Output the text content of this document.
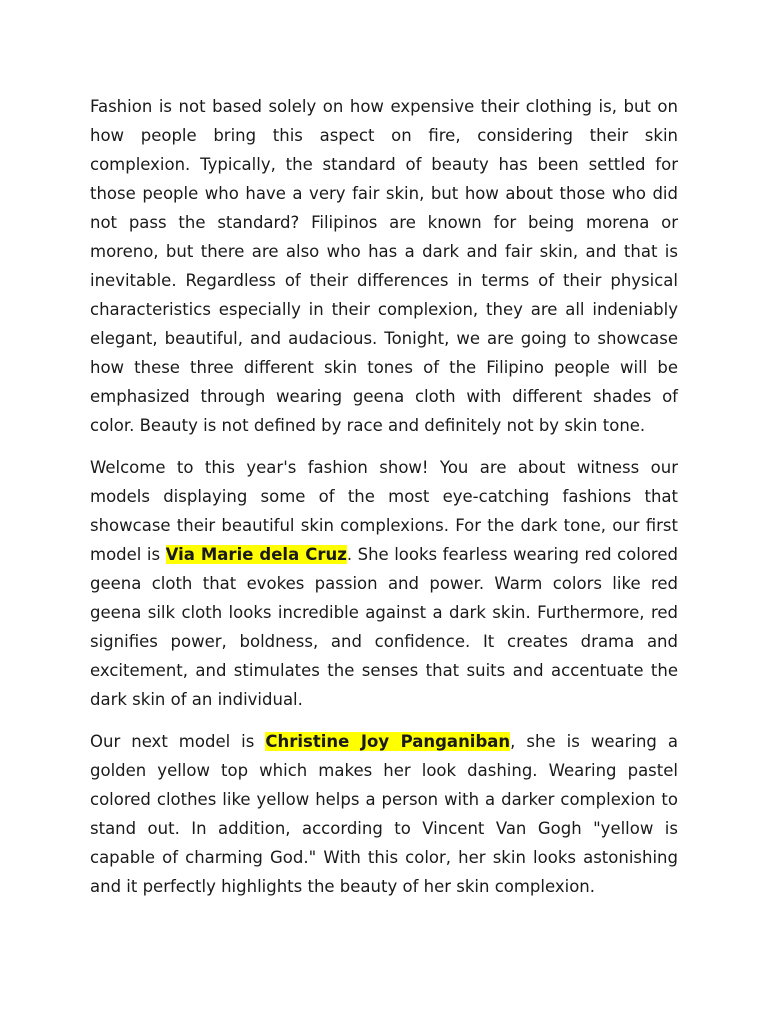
Fashion is not based solely on how expensive their clothing is, but on how people bring this aspect on fire, considering their skin complexion. Typically, the standard of beauty has been settled for those people who have a very fair skin, but how about those who did not pass the standard? Filipinos are known for being morena or moreno, but there are also who has a dark and fair skin, and that is inevitable. Regardless of their differences in terms of their physical characteristics especially in their complexion, they are all indeniably elegant, beautiful, and audacious. Tonight, we are going to showcase how these three different skin tones of the Filipino people will be emphasized through wearing geena cloth with different shades of color. Beauty is not defined by race and definitely not by skin tone.

Welcome to this year's fashion show! You are about witness our models displaying some of the most eye-catching fashions that showcase their beautiful skin complexions. For the dark tone, our first model is Via Marie dela Cruz. She looks fearless wearing red colored geena cloth that evokes passion and power. Warm colors like red geena silk cloth looks incredible against a dark skin. Furthermore, red signifies power, boldness, and confidence. It creates drama and excitement, and stimulates the senses that suits and accentuate the dark skin of an individual.

Our next model is Christine Joy Panganiban, she is wearing a golden yellow top which makes her look dashing. Wearing pastel colored clothes like yellow helps a person with a darker complexion to stand out. In addition, according to Vincent Van Gogh "yellow is capable of charming God." With this color, her skin looks astonishing and it perfectly highlights the beauty of her skin complexion.
